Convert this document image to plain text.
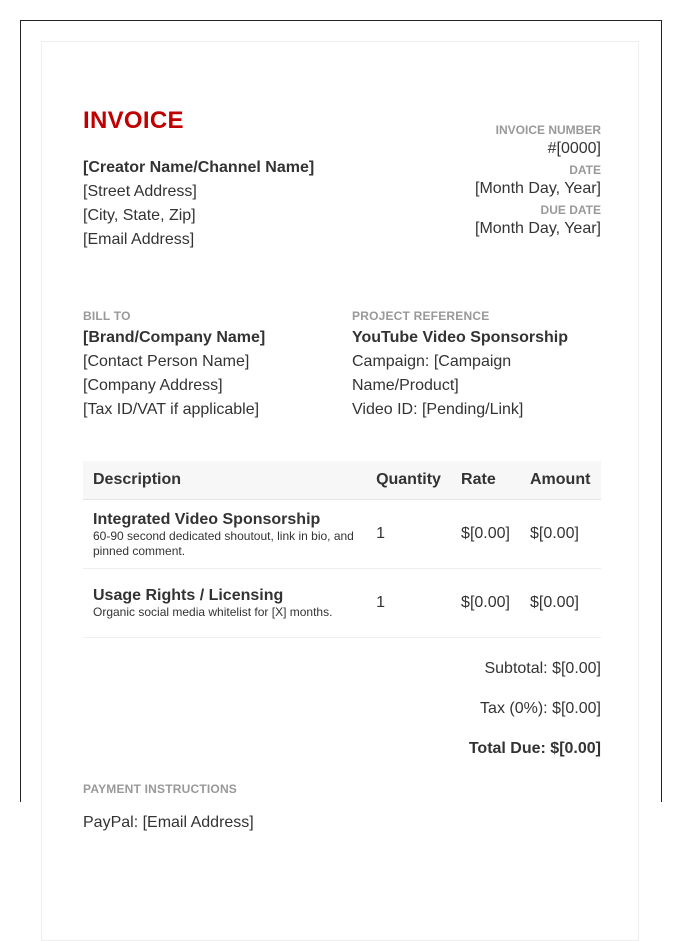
INVOICE
[Creator Name/Channel Name]
[Street Address]
[City, State, Zip]
[Email Address]
INVOICE NUMBER
#[0000]
DATE
[Month Day, Year]
DUE DATE
[Month Day, Year]
BILL TO
[Brand/Company Name]
[Contact Person Name]
[Company Address]
[Tax ID/VAT if applicable]
PROJECT REFERENCE
YouTube Video Sponsorship
Campaign: [Campaign Name/Product]
Video ID: [Pending/Link]
Description	Quantity	Rate	Amount

Integrated Video Sponsorship
60-90 second dedicated shoutout, link in bio, and pinned comment.	1	$[0.00]	$[0.00]

Usage Rights / Licensing
Organic social media whitelist for [X] months.	1	$[0.00]	$[0.00]
Subtotal: $[0.00]
Tax (0%): $[0.00]
Total Due: $[0.00]
PAYMENT INSTRUCTIONS
PayPal: [Email Address]
